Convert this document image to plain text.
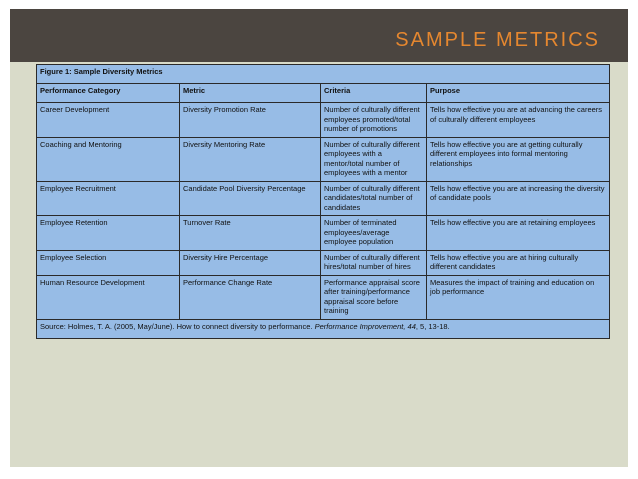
SAMPLE METRICS
Figure 1: Sample Diversity Metrics			
Performance Category	Metric	Criteria	Purpose
Career Development	Diversity Promotion Rate	Number of culturally different employees promoted/total number of promotions	Tells how effective you are at advancing the careers of culturally different employees
Coaching and Mentoring	Diversity Mentoring Rate	Number of culturally different employees with a mentor/total number of employees with a mentor	Tells how effective you are at getting culturally different employees into formal mentoring relationships
Employee Recruitment	Candidate Pool Diversity Percentage	Number of culturally different candidates/total number of candidates	Tells how effective you are at increasing the diversity of candidate pools
Employee Retention	Turnover Rate	Number of terminated employees/average employee population	Tells how effective you are at retaining employees
Employee Selection	Diversity Hire Percentage	Number of culturally different hires/total number of hires	Tells how effective you are at hiring culturally different candidates
Human Resource Development	Performance Change Rate	Performance appraisal score after training/performance appraisal score before training	Measures the impact of training and education on job performance
Source: Holmes, T. A. (2005, May/June). How to connect diversity to performance. Performance Improvement, 44, 5, 13-18.			
